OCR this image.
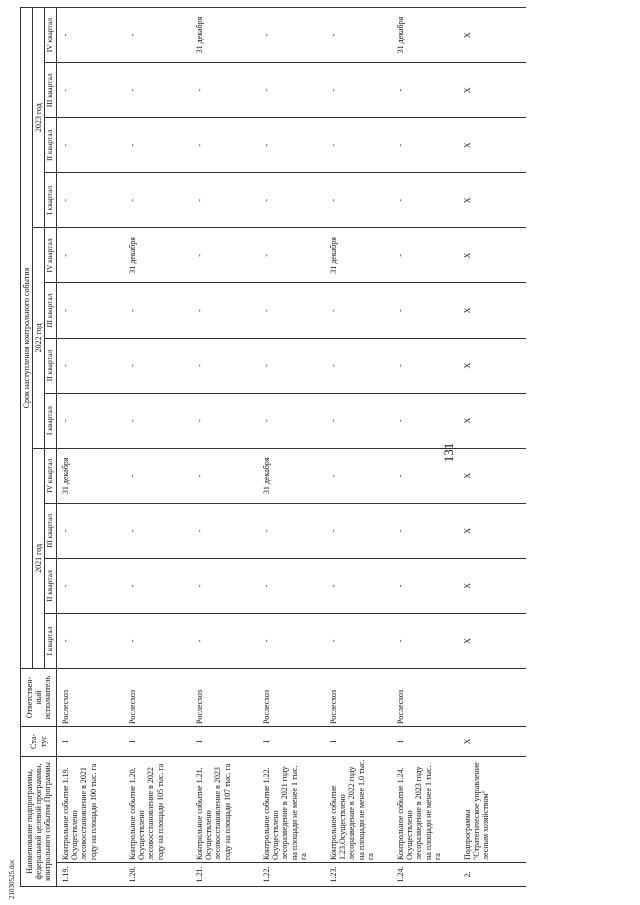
131
21030525.doc
Наименование подпрограммы, федеральной целевой программы, контрольного события Программы		Ста-тус	Ответствен-ный исполнитель	Срок наступления контрольного события											
				2021 год				2022 год				2023 год			
				I квартал	II квартал	III квартал	IV квартал	I квартал	II квартал	III квартал	IV квартал	I квартал	II квартал	III квартал	IV квартал
1.19.	Контрольное событие 1.19. Осуществлено лесовосстановление в 2021 году на площади 100 тыс. га	I	Рослесхоз	-	-	-	31 декабря	-	-	-	-	-	-	-	-
1.20.	Контрольное событие 1.20. Осуществлено лесовосстановление в 2022 году на площади 105 тыс. га	I	Рослесхоз	-	-	-	-	-	-	-	31 декабря	-	-	-	-
1.21.	Контрольное событие 1.21. Осуществлено лесовосстановление в 2023 году на площади 107 тыс. га	I	Рослесхоз	-	-	-	-	-	-	-	-	-	-	-	31 декабря
1.22.	Контрольное событие 1.22. Осуществлено лесоразведение в 2021 году на площади не менее 1 тыс. га	I	Рослесхоз	-	-	-	31 декабря	-	-	-	-	-	-	-	-
1.23.	Контрольное событие 1.23.Осуществлено лесоразведение в 2022 году на площади не менее 1,0 тыс. га	I	Рослесхоз	-	-	-	-	-	-	-	31 декабря	-	-	-	-
1.24.	Контрольное событие 1.24. Осуществлено лесоразведение в 2023 году на площади не менее 1 тыс. га	I	Рослесхоз	-	-	-	-	-	-	-	-	-	-	-	31 декабря
2.	Подпрограмма "Стратегическое управление лесным хозяйством"	X		X	X	X	X	X	X	X	X	X	X	X	X
